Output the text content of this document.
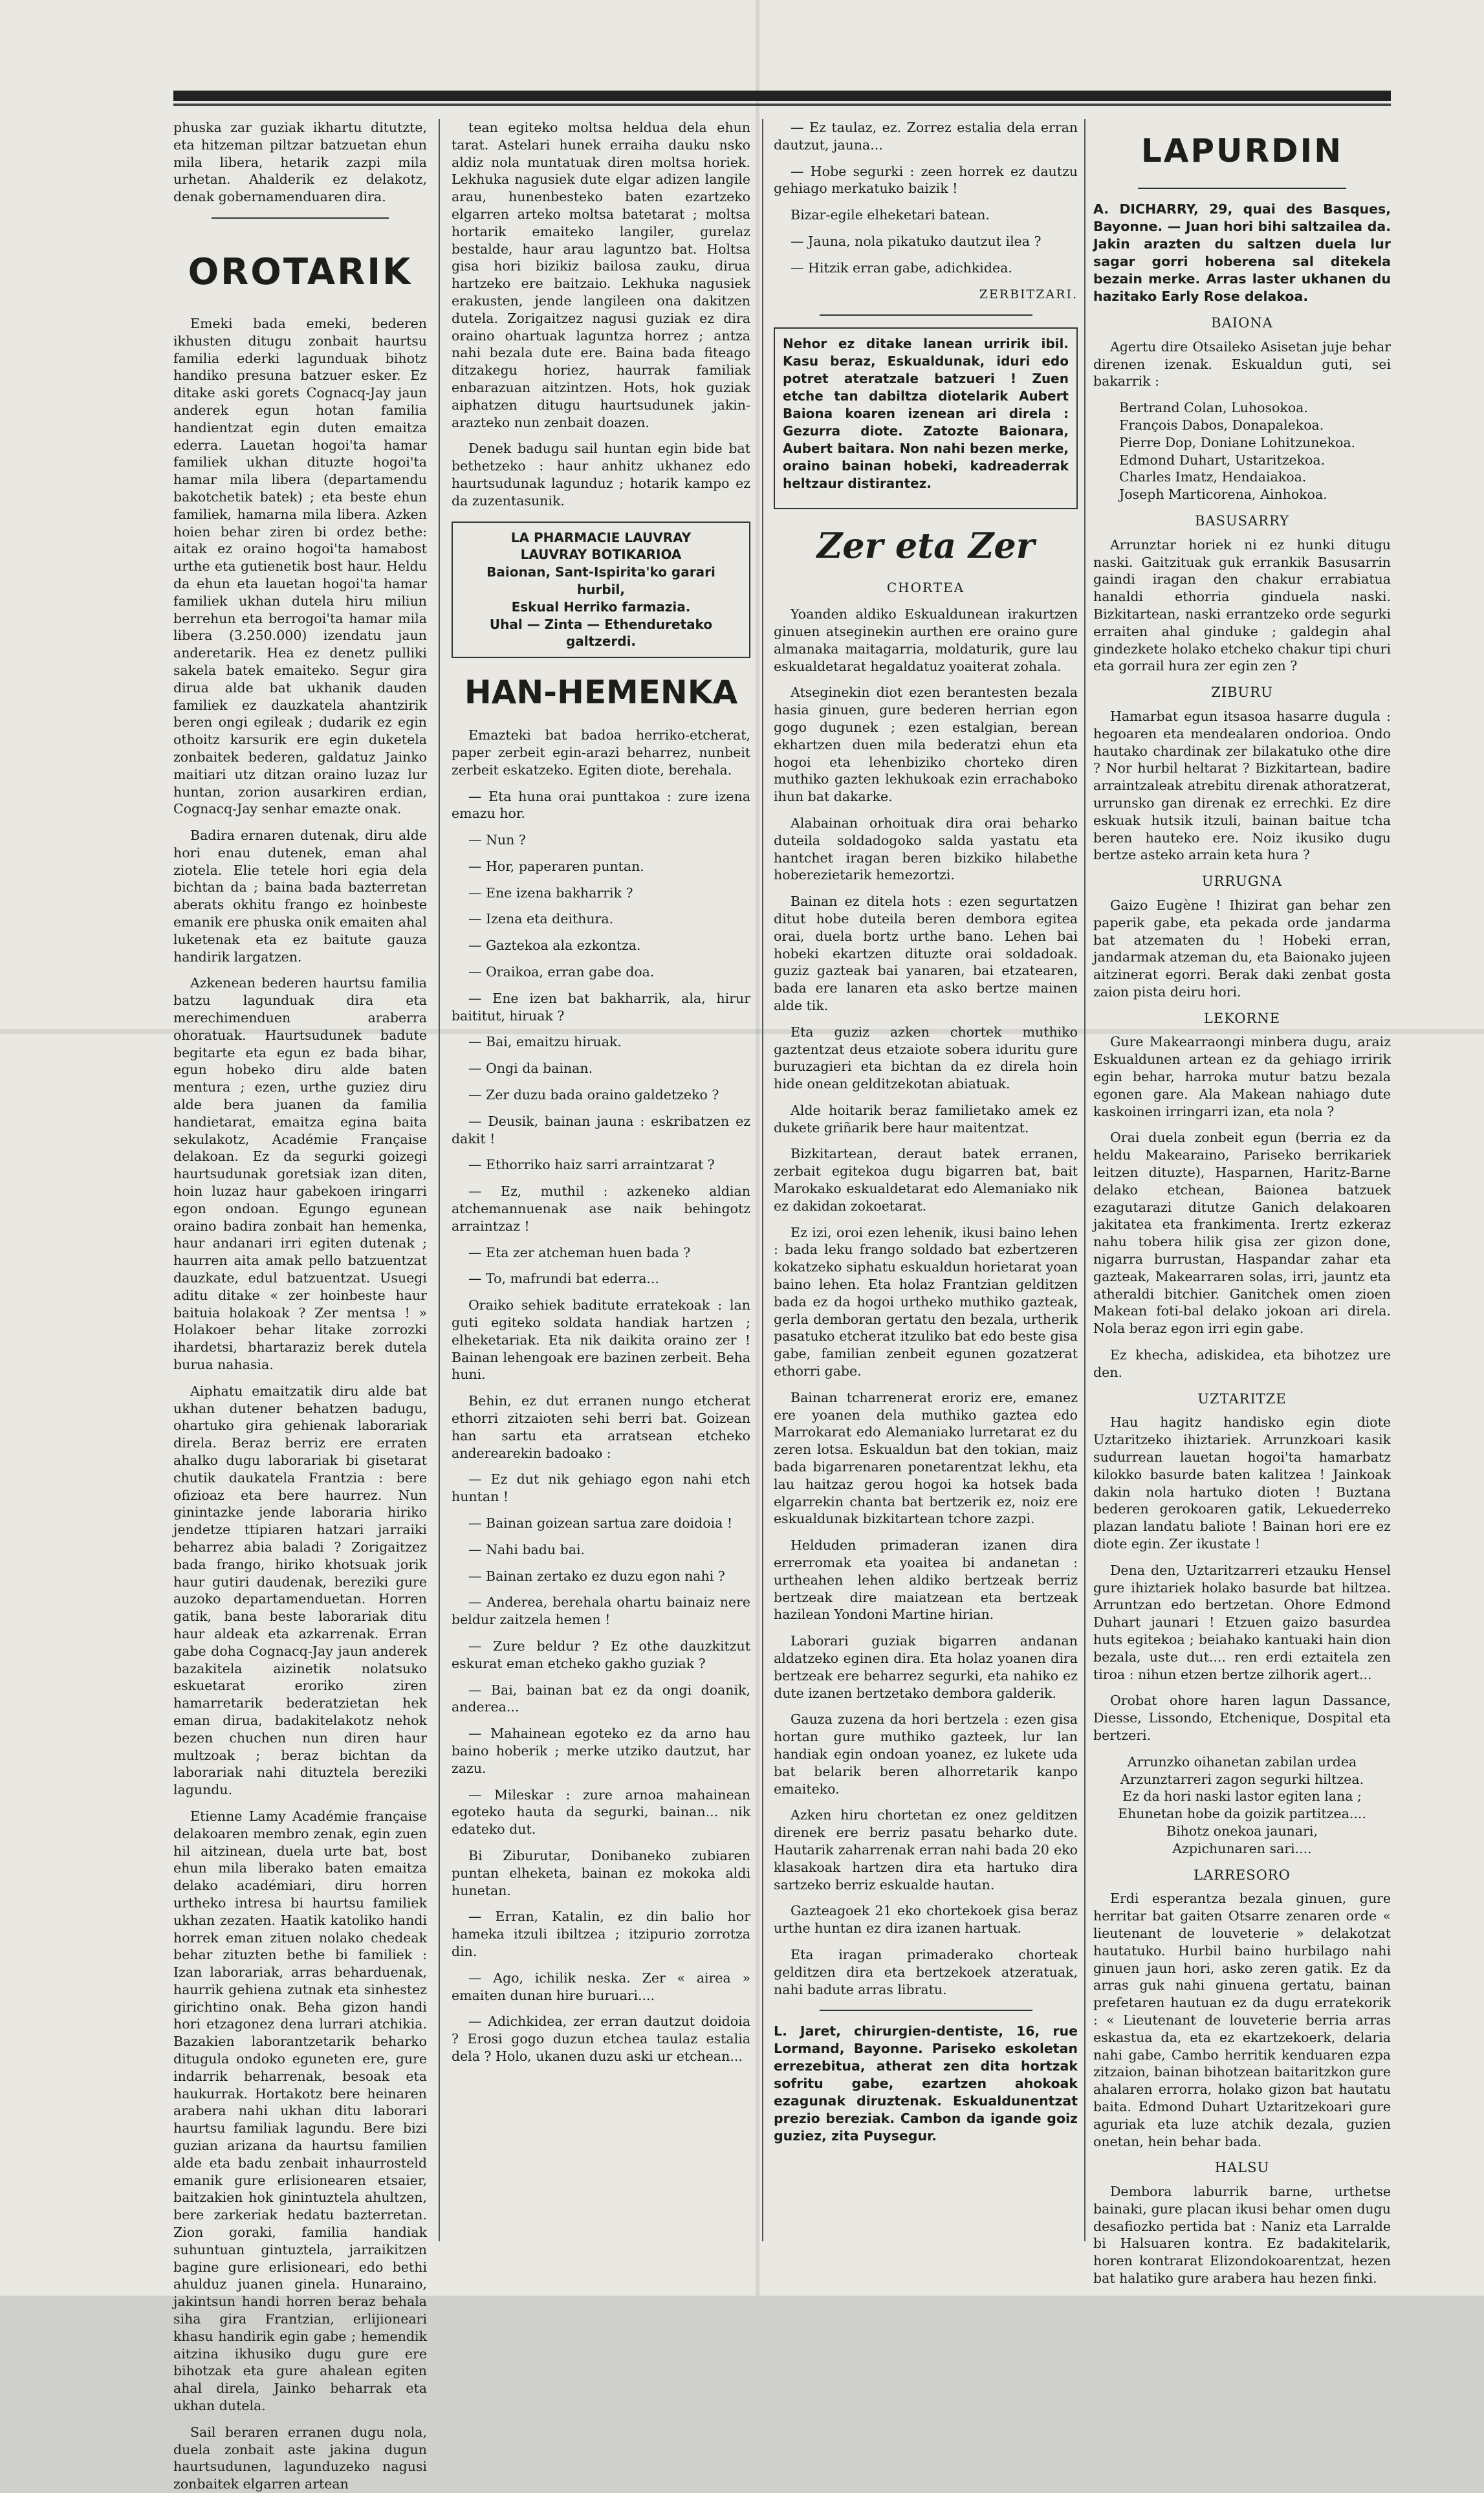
phuska zar guziak ikhartu ditutzte, eta hitzeman piltzar batzuetan ehun mila libera, hetarik zazpi mila urhetan. Ahalderik ez delakotz, denak gobernamenduaren dira.

OROTARIK

Emeki bada emeki, bederen ikhusten ditugu zonbait haurtsu familia ederki lagunduak bihotz handiko presuna batzuer esker. Ez ditake aski gorets Cognacq-Jay jaun anderek egun hotan familia handientzat egin duten emaitza ederra. Lauetan hogoi'ta hamar familiek ukhan dituzte hogoi'ta hamar mila libera (departamendu bakotchetik batek) ; eta beste ehun familiek, hamarna mila libera. Azken hoien behar ziren bi ordez bethe: aitak ez oraino hogoi'ta hamabost urthe eta gutienetik bost haur. Heldu da ehun eta lauetan hogoi'ta hamar familiek ukhan dutela hiru miliun berrehun eta berrogoi'ta hamar mila libera (3.250.000) izendatu jaun anderetarik. Hea ez denetz pulliki sakela batek emaiteko. Segur gira dirua alde bat ukhanik dauden familiek ez dauzkatela ahantzirik beren ongi egileak ; dudarik ez egin othoitz karsurik ere egin duketela zonbaitek bederen, galdatuz Jainko maitiari utz ditzan oraino luzaz lur huntan, zorion ausarkiren erdian, Cognacq-Jay senhar emazte onak.

Badira ernaren dutenak, diru alde hori enau dutenek, eman ahal ziotela. Elie tetele hori egia dela bichtan da ; baina bada bazterretan aberats okhitu frango ez hoinbeste emanik ere phuska onik emaiten ahal luketenak eta ez baitute gauza handirik largatzen.

Azkenean bederen haurtsu familia batzu lagunduak dira eta merechimenduen araberra ohoratuak. Haurtsudunek badute begitarte eta egun ez bada bihar, egun hobeko diru alde baten mentura ; ezen, urthe guziez diru alde bera juanen da familia handietarat, emaitza egina baita sekulakotz, Académie Française delakoan. Ez da segurki goizegi haurtsudunak goretsiak izan diten, hoin luzaz haur gabekoen iringarri egon ondoan. Egungo egunean oraino badira zonbait han hemenka, haur andanari irri egiten dutenak ; haurren aita amak pello batzuentzat dauzkate, edul batzuentzat. Usuegi aditu ditake « zer hoinbeste haur baituia holakoak ? Zer mentsa ! » Holakoer behar litake zorrozki ihardetsi, bhartaraziz berek dutela burua nahasia.

Aiphatu emaitzatik diru alde bat ukhan dutener behatzen badugu, ohartuko gira gehienak laborariak direla. Beraz berriz ere erraten ahalko dugu laborariak bi gisetarat chutik daukatela Frantzia : bere ofizioaz eta bere haurrez. Nun ginintazke jende laboraria hiriko jendetze ttipiaren hatzari jarraiki beharrez abia baladi ? Zorigaitzez bada frango, hiriko khotsuak jorik haur gutiri daudenak, bereziki gure auzoko departamenduetan. Horren gatik, bana beste laborariak ditu haur aldeak eta azkarrenak. Erran gabe doha Cognacq-Jay jaun anderek bazakitela aizinetik nolatsuko eskuetarat eroriko ziren hamarretarik bederatzietan hek eman dirua, badakitelakotz nehok bezen chuchen nun diren haur multzoak ; beraz bichtan da laborariak nahi dituztela bereziki lagundu.

Etienne Lamy Académie française delakoaren membro zenak, egin zuen hil aitzinean, duela urte bat, bost ehun mila liberako baten emaitza delako académiari, diru horren urtheko intresa bi haurtsu familiek ukhan zezaten. Haatik katoliko handi horrek eman zituen nolako chedeak behar zituzten bethe bi familiek : Izan laborariak, arras beharduenak, haurrik gehiena zutnak eta sinhestez girichtino onak. Beha gizon handi hori etzagonez dena lurrari atchikia. Bazakien laborantzetarik beharko ditugula ondoko eguneten ere, gure indarrik beharrenak, besoak eta haukurrak. Hortakotz bere heinaren arabera nahi ukhan ditu laborari haurtsu familiak lagundu. Bere bizi guzian arizana da haurtsu familien alde eta badu zenbait inhaurrosteld emanik gure erlisionearen etsaier, baitzakien hok ginintuztela ahultzen, bere zarkeriak hedatu bazterretan. Zion goraki, familia handiak suhuntuan gintuztela, jarraikitzen bagine gure erlisioneari, edo bethi ahulduz juanen ginela. Hunaraino, jakintsun handi horren beraz behala siha gira Frantzian, erlijioneari khasu handirik egin gabe ; hemendik aitzina ikhusiko dugu gure ere bihotzak eta gure ahalean egiten ahal direla, Jainko beharrak eta ukhan dutela.

Sail beraren erranen dugu nola, duela zonbait aste jakina dugun haurtsudunen, lagunduzeko nagusi zonbaitek elgarren artean

tean egiteko moltsa heldua dela ehun tarat. Astelari hunek erraiha dauku nsko aldiz nola muntatuak diren moltsa horiek. Lekhuka nagusiek dute elgar adizen langile arau, hunenbesteko baten ezartzeko elgarren arteko moltsa batetarat ; moltsa hortarik emaiteko langiler, gurelaz bestalde, haur arau laguntzo bat. Holtsa gisa hori bizikiz bailosa zauku, dirua hartzeko ere baitzaio. Lekhuka nagusiek erakusten, jende langileen ona dakitzen dutela. Zorigaitzez nagusi guziak ez dira oraino ohartuak laguntza horrez ; antza nahi bezala dute ere. Baina bada fiteago ditzakegu horiez, haurrak familiak enbarazuan aitzintzen. Hots, hok guziak aiphatzen ditugu haurtsudunek jakin-arazteko nun zenbait doazen.

Denek badugu sail huntan egin bide bat bethetzeko : haur anhitz ukhanez edo haurtsudunak lagunduz ; hotarik kampo ez da zuzentasunik.

LA PHARMACIE LAUVRAY

LAUVRAY BOTIKARIOA

Baionan, Sant-Ispirita'ko garari hurbil,

Eskual Herriko farmazia.

Uhal — Zinta — Ethenduretako

galtzerdi.

HAN-HEMENKA

Emazteki bat badoa herriko-etcherat, paper zerbeit egin-arazi beharrez, nunbeit zerbeit eskatzeko. Egiten diote, berehala.

— Eta huna orai punttakoa : zure izena emazu hor.

— Nun ?

— Hor, paperaren puntan.

— Ene izena bakharrik ?

— Izena eta deithura.

— Gaztekoa ala ezkontza.

— Oraikoa, erran gabe doa.

— Ene izen bat bakharrik, ala, hirur baititut, hiruak ?

— Bai, emaitzu hiruak.

— Ongi da bainan.

— Zer duzu bada oraino galdetzeko ?

— Deusik, bainan jauna : eskribatzen ez dakit !

— Ethorriko haiz sarri arraintzarat ?

— Ez, muthil : azkeneko aldian atchemannuenak ase naik behingotz arraintzaz !

— Eta zer atcheman huen bada ?

— To, mafrundi bat ederra...

Oraiko sehiek baditute erratekoak : lan guti egiteko soldata handiak hartzen ; elheketariak. Eta nik daikita oraino zer ! Bainan lehengoak ere bazinen zerbeit. Beha huni.

Behin, ez dut erranen nungo etcherat ethorri zitzaioten sehi berri bat. Goizean han sartu eta arratsean etcheko anderearekin badoako :

— Ez dut nik gehiago egon nahi etch huntan !

— Bainan goizean sartua zare doidoia !

— Nahi badu bai.

— Bainan zertako ez duzu egon nahi ?

— Anderea, berehala ohartu bainaiz nere beldur zaitzela hemen !

— Zure beldur ? Ez othe dauzkitzut eskurat eman etcheko gakho guziak ?

— Bai, bainan bat ez da ongi doanik, anderea...

— Mahainean egoteko ez da arno hau baino hoberik ; merke utziko dautzut, har zazu.

— Mileskar : zure arnoa mahainean egoteko hauta da segurki, bainan... nik edateko dut.

Bi Ziburutar, Donibaneko zubiaren puntan elheketa, bainan ez mokoka aldi hunetan.

— Erran, Katalin, ez din balio hor hameka itzuli ibiltzea ; itzipurio zorrotza din.

— Ago, ichilik neska. Zer « airea » emaiten dunan hire buruari....

— Adichkidea, zer erran dautzut doidoia ? Erosi gogo duzun etchea taulaz estalia dela ? Holo, ukanen duzu aski ur etchean...

— Ez taulaz, ez. Zorrez estalia dela erran dautzut, jauna...

— Hobe segurki : zeen horrek ez dautzu gehiago merkatuko baizik !

Bizar-egile elheketari batean.

— Jauna, nola pikatuko dautzut ilea ?

— Hitzik erran gabe, adichkidea.

ZERBITZARI.

Nehor ez ditake lanean urririk ibil. Kasu beraz, Eskualdunak, iduri edo potret ateratzale batzueri ! Zuen etche tan dabiltza diotelarik Aubert Baiona koaren izenean ari direla : Gezurra diote. Zatozte Baionara, Aubert baitara. Non nahi bezen merke, oraino bainan hobeki, kadreaderrak heltzaur distirantez.

Zer eta Zer

CHORTEA

Yoanden aldiko Eskualdunean irakurtzen ginuen atseginekin aurthen ere oraino gure almanaka maitagarria, moldaturik, gure lau eskualdetarat hegaldatuz yoaiterat zohala.

Atseginekin diot ezen berantesten bezala hasia ginuen, gure bederen herrian egon gogo dugunek ; ezen estalgian, berean ekhartzen duen mila bederatzi ehun eta hogoi eta lehenbiziko chorteko diren muthiko gazten lekhukoak ezin errachaboko ihun bat dakarke.

Alabainan orhoituak dira orai beharko duteila soldadogoko salda yastatu eta hantchet iragan beren bizkiko hilabethe hoberezietarik hemezortzi.

Bainan ez ditela hots : ezen segurtatzen ditut hobe duteila beren dembora egitea orai, duela bortz urthe bano. Lehen bai hobeki ekartzen dituzte orai soldadoak. guziz gazteak bai yanaren, bai etzatearen, bada ere lanaren eta asko bertze mainen alde tik.

Eta guziz azken chortek muthiko gaztentzat deus etzaiote sobera iduritu gure buruzagieri eta bichtan da ez direla hoin hide onean gelditzekotan abiatuak.

Alde hoitarik beraz familietako amek ez dukete griñarik bere haur maitentzat.

Bizkitartean, deraut batek erranen, zerbait egitekoa dugu bigarren bat, bait Marokako eskualdetarat edo Alemaniako nik ez dakidan zokoetarat.

Ez izi, oroi ezen lehenik, ikusi baino lehen : bada leku frango soldado bat ezbertzeren kokatzeko siphatu eskualdun horietarat yoan baino lehen. Eta holaz Frantzian gelditzen bada ez da hogoi urtheko muthiko gazteak, gerla demboran gertatu den bezala, urtherik pasatuko etcherat itzuliko bat edo beste gisa gabe, familian zenbeit egunen gozatzerat ethorri gabe.

Bainan tcharrenerat eroriz ere, emanez ere yoanen dela muthiko gaztea edo Marrokarat edo Alemaniako lurretarat ez du zeren lotsa. Eskualdun bat den tokian, maiz bada bigarrenaren ponetarentzat lekhu, eta lau haitzaz gerou hogoi ka hotsek bada elgarrekin chanta bat bertzerik ez, noiz ere eskualdunak bizkitartean tchore zazpi.

Helduden primaderan izanen dira errerromak eta yoaitea bi andanetan : urtheahen lehen aldiko bertzeak berriz bertzeak dire maiatzean eta bertzeak hazilean Yondoni Martine hirian.

Laborari guziak bigarren andanan aldatzeko eginen dira. Eta holaz yoanen dira bertzeak ere beharrez segurki, eta nahiko ez dute izanen bertzetako dembora galderik.

Gauza zuzena da hori bertzela : ezen gisa hortan gure muthiko gazteek, lur lan handiak egin ondoan yoanez, ez lukete uda bat belarik beren alhorretarik kanpo emaiteko.

Azken hiru chortetan ez onez gelditzen direnek ere berriz pasatu beharko dute. Hautarik zaharrenak erran nahi bada 20 eko klasakoak hartzen dira eta hartuko dira sartzeko berriz eskualde hautan.

Gazteagoek 21 eko chortekoek gisa beraz urthe huntan ez dira izanen hartuak.

Eta iragan primaderako chorteak gelditzen dira eta bertzekoek atzeratuak, nahi badute arras libratu.

L. Jaret, chirurgien-dentiste, 16, rue Lormand, Bayonne. Pariseko eskoletan errezebitua, atherat zen dita hortzak sofritu gabe, ezartzen ahokoak ezagunak diruztenak. Eskualdunentzat prezio bereziak. Cambon da igande goiz guziez, zita Puysegur.

LAPURDIN

A. DICHARRY, 29, quai des Basques, Bayonne. — Juan hori bihi saltzailea da. Jakin arazten du saltzen duela lur sagar gorri hoberena sal ditekela bezain merke. Arras laster ukhanen du hazitako Early Rose delakoa.

BAIONA

Agertu dire Otsaileko Asisetan juje behar direnen izenak. Eskualdun guti, sei bakarrik :

Bertrand Colan, Luhosokoa.

François Dabos, Donapalekoa.

Pierre Dop, Doniane Lohitzunekoa.

Edmond Duhart, Ustaritzekoa.

Charles Imatz, Hendaiakoa.

Joseph Marticorena, Ainhokoa.

BASUSARRY

Arrunztar horiek ni ez hunki ditugu naski. Gaitzituak guk errankik Basusarrin gaindi iragan den chakur errabiatua hanaldi ethorria ginduela naski. Bizkitartean, naski errantzeko orde segurki erraiten ahal ginduke ; galdegin ahal gindezkete holako etcheko chakur tipi churi eta gorrail hura zer egin zen ?

ZIBURU

Hamarbat egun itsasoa hasarre dugula : hegoaren eta mendealaren ondorioa. Ondo hautako chardinak zer bilakatuko othe dire ? Nor hurbil heltarat ? Bizkitartean, badire arraintzaleak atrebitu direnak athoratzerat, urrunsko gan direnak ez errechki. Ez dire eskuak hutsik itzuli, bainan baitue tcha beren hauteko ere. Noiz ikusiko dugu bertze asteko arrain keta hura ?

URRUGNA

Gaizo Eugène ! Ihizirat gan behar zen paperik gabe, eta pekada orde jandarma bat atzematen du ! Hobeki erran, jandarmak atzeman du, eta Baionako jujeen aitzinerat egorri. Berak daki zenbat gosta zaion pista deiru hori.

LEKORNE

Gure Makearraongi minbera dugu, araiz Eskualdunen artean ez da gehiago irririk egin behar, harroka mutur batzu bezala egonen gare. Ala Makean nahiago dute kaskoinen irringarri izan, eta nola ?

Orai duela zonbeit egun (berria ez da heldu Makearaino, Pariseko berrikariek leitzen dituzte), Hasparnen, Haritz-Barne delako etchean, Baionea batzuek ezagutarazi ditutze Ganich delakoaren jakitatea eta frankimenta. Irertz ezkeraz nahu tobera hilik gisa zer gizon done, nigarra burrustan, Haspandar zahar eta gazteak, Makearraren solas, irri, jauntz eta atheraldi bitchier. Ganitchek omen zioen Makean foti-bal delako jokoan ari direla. Nola beraz egon irri egin gabe.

Ez khecha, adiskidea, eta bihotzez ure den.

UZTARITZE

Hau hagitz handisko egin diote Uztaritzeko ihiztariek. Arrunzkoari kasik sudurrean lauetan hogoi'ta hamarbatz kilokko basurde baten kalitzea ! Jainkoak dakin nola hartuko dioten ! Buztana bederen gerokoaren gatik, Lekuederreko plazan landatu baliote ! Bainan hori ere ez diote egin. Zer ikustate !

Dena den, Uztaritzarreri etzauku Hensel gure ihiztariek holako basurde bat hiltzea. Arruntzan edo bertzetan. Ohore Edmond Duhart jaunari ! Etzuen gaizo basurdea huts egitekoa ; beiahako kantuaki hain dion bezala, uste dut.... ren erdi eztaitela zen tiroa : nihun etzen bertze zilhorik agert...

Orobat ohore haren lagun Dassance, Diesse, Lissondo, Etchenique, Dospital eta bertzeri.

Arrunzko oihanetan zabilan urdea

Arzunztarreri zagon segurki hiltzea.

Ez da hori naski lastor egiten lana ;

Ehunetan hobe da goizik partitzea....

Bihotz onekoa jaunari,

Azpichunaren sari....

LARRESORO

Erdi esperantza bezala ginuen, gure herritar bat gaiten Otsarre zenaren orde « lieutenant de louveterie » delakotzat hautatuko. Hurbil baino hurbilago nahi ginuen jaun hori, asko zeren gatik. Ez da arras guk nahi ginuena gertatu, bainan prefetaren hautuan ez da dugu erratekorik : « Lieutenant de louveterie berria arras eskastua da, eta ez ekartzekoerk, delaria nahi gabe, Cambo herritik kenduaren ezpa zitzaion, bainan bihotzean baitaritzkon gure ahalaren errorra, holako gizon bat hautatu baita. Edmond Duhart Uztaritzekoari gure aguriak eta luze atchik dezala, guzien onetan, hein behar bada.

HALSU

Dembora laburrik barne, urthetse bainaki, gure placan ikusi behar omen dugu desafiozko pertida bat : Naniz eta Larralde bi Halsuaren kontra. Ez badakitelarik, horen kontrarat Elizondokoarentzat, hezen bat halatiko gure arabera hau hezen finki.
